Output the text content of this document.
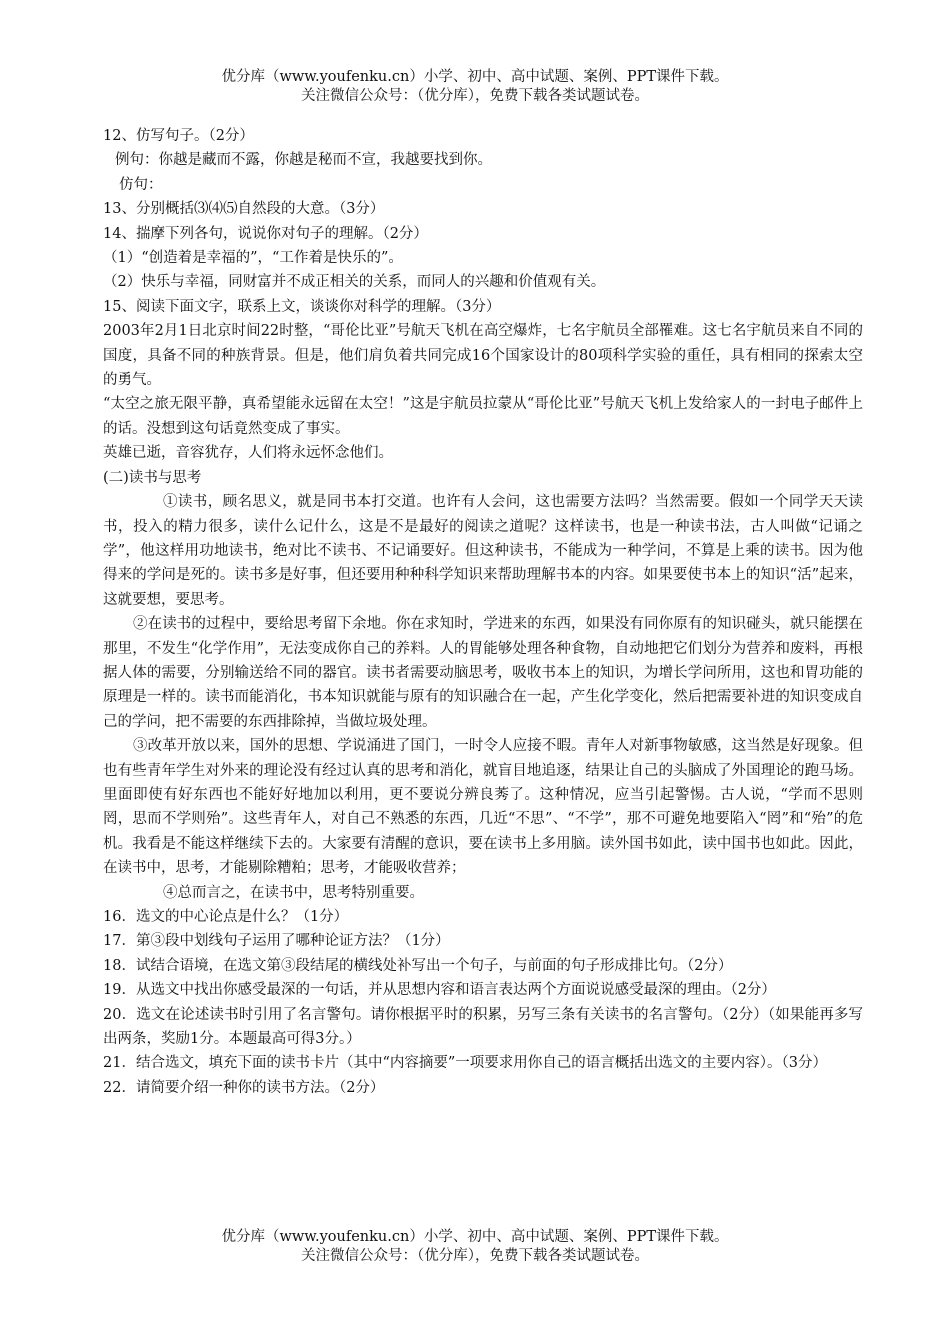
优分库（www.youfenku.cn）小学、初中、高中试题、案例、PPT课件下载。
关注微信公众号：（优分库），免费下载各类试题试卷。
12、仿写句子。（2分）
例句：你越是藏而不露，你越是秘而不宣，我越要找到你。
仿句：
13、分别概括⑶⑷⑸自然段的大意。（3分）
14、揣摩下列各句，说说你对句子的理解。（2分）
（1）“创造着是幸福的”，“工作着是快乐的”。
（2）快乐与幸福，同财富并不成正相关的关系，而同人的兴趣和价值观有关。
15、阅读下面文字，联系上文，谈谈你对科学的理解。（3分）
2003年2月1日北京时间22时整，“哥伦比亚”号航天飞机在高空爆炸，七名宇航员全部罹难。这七名宇航员来自不同的国度，具备不同的种族背景。但是，他们肩负着共同完成16个国家设计的80项科学实验的重任，具有相同的探索太空的勇气。
“太空之旅无限平静，真希望能永远留在太空！”这是宇航员拉蒙从“哥伦比亚”号航天飞机上发给家人的一封电子邮件上的话。没想到这句话竟然变成了事实。
英雄已逝，音容犹存，人们将永远怀念他们。
(二)读书与思考
①读书，顾名思义，就是同书本打交道。也许有人会问，这也需要方法吗？当然需要。假如一个同学天天读书，投入的精力很多，读什么记什么，这是不是最好的阅读之道呢？这样读书，也是一种读书法，古人叫做“记诵之学”，他这样用功地读书，绝对比不读书、不记诵要好。但这种读书，不能成为一种学问，不算是上乘的读书。因为他得来的学问是死的。读书多是好事，但还要用种种科学知识来帮助理解书本的内容。如果要使书本上的知识“活”起来，这就要想，要思考。
②在读书的过程中，要给思考留下余地。你在求知时，学进来的东西，如果没有同你原有的知识碰头，就只能摆在那里，不发生“化学作用”，无法变成你自己的养料。人的胃能够处理各种食物，自动地把它们划分为营养和废料，再根据人体的需要，分别输送给不同的器官。读书者需要动脑思考，吸收书本上的知识，为增长学问所用，这也和胃功能的原理是一样的。读书而能消化，书本知识就能与原有的知识融合在一起，产生化学变化，然后把需要补进的知识变成自己的学问，把不需要的东西排除掉，当做垃圾处理。
③改革开放以来，国外的思想、学说涌进了国门，一时令人应接不暇。青年人对新事物敏感，这当然是好现象。但也有些青年学生对外来的理论没有经过认真的思考和消化，就盲目地追逐，结果让自己的头脑成了外国理论的跑马场。里面即使有好东西也不能好好地加以利用，更不要说分辨良莠了。这种情况，应当引起警惕。古人说，“学而不思则罔，思而不学则殆”。这些青年人，对自己不熟悉的东西，几近“不思”、“不学”，那不可避免地要陷入“罔”和“殆”的危机。我看是不能这样继续下去的。大家要有清醒的意识，要在读书上多用脑。读外国书如此，读中国书也如此。因此，在读书中，思考，才能剔除糟粕；思考，才能吸收营养；
④总而言之，在读书中，思考特别重要。
16．选文的中心论点是什么？（1分）
17．第③段中划线句子运用了哪种论证方法？（1分）
18．试结合语境，在选文第③段结尾的横线处补写出一个句子，与前面的句子形成排比句。（2分）
19．从选文中找出你感受最深的一句话，并从思想内容和语言表达两个方面说说感受最深的理由。（2分）
20．选文在论述读书时引用了名言警句。请你根据平时的积累，另写三条有关读书的名言警句。（2分）（如果能再多写出两条，奖励1分。本题最高可得3分。）
21．结合选文，填充下面的读书卡片（其中“内容摘要”一项要求用你自己的语言概括出选文的主要内容）。（3分）
22．请简要介绍一种你的读书方法。（2分）
优分库（www.youfenku.cn）小学、初中、高中试题、案例、PPT课件下载。
关注微信公众号：（优分库），免费下载各类试题试卷。
